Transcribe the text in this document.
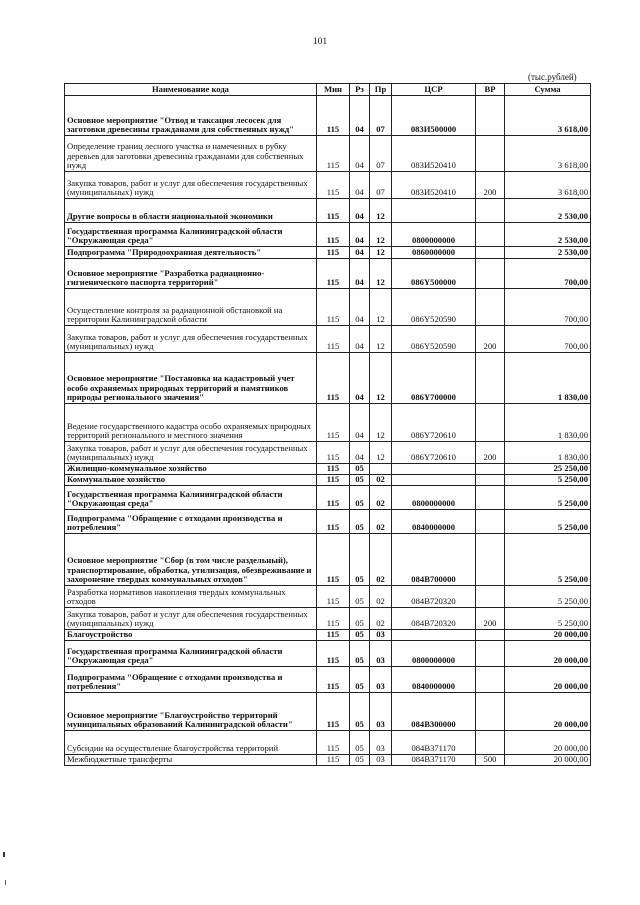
101
(тыс.рублей)
Наименование кода	Мин	Рз	Пр	ЦСР	ВР	Сумма
Основное мероприятие "Отвод и таксация лесосек для заготовки древесины гражданами для собственных нужд"	115	04	07	083И500000		3 618,00
Определение границ лесного участка и намеченных в рубку деревьев для заготовки древесины гражданами для собственных нужд	115	04	07	083И520410		3 618,00
Закупка товаров, работ и услуг для обеспечения государственных (муниципальных) нужд	115	04	07	083И520410	200	3 618,00
Другие вопросы в области национальной экономики	115	04	12			2 530,00
Государственная программа Калининградской области "Окружающая среда"	115	04	12	0800000000		2 530,00
Подпрограмма "Природоохранная деятельность"	115	04	12	0860000000		2 530,00
Основное мероприятие "Разработка радиационно-гигиенического паспорта территорий"	115	04	12	086Y500000		700,00
Осуществление контроля за радиационной обстановкой на территории Калининградской области	115	04	12	086Y520590		700,00
Закупка товаров, работ и услуг для обеспечения государственных (муниципальных) нужд	115	04	12	086Y520590	200	700,00
Основное мероприятие "Постановка на кадастровый учет особо охраняемых природных территорий и памятников природы регионального значения"	115	04	12	086Y700000		1 830,00
Ведение государственного кадастра особо охраняемых природных территорий регионального и местного значения	115	04	12	086Y720610		1 830,00
Закупка товаров, работ и услуг для обеспечения государственных (муниципальных) нужд	115	04	12	086Y720610	200	1 830,00
Жилищно-коммунальное хозяйство	115	05				25 250,00
Коммунальное хозяйство	115	05	02			5 250,00
Государственная программа Калининградской области "Окружающая среда"	115	05	02	0800000000		5 250,00
Подпрограмма "Обращение с отходами производства и потребления"	115	05	02	0840000000		5 250,00
Основное мероприятие "Сбор (в том числе раздельный), транспортирование, обработка, утилизация, обезвреживание и захоронение твердых коммунальных отходов"	115	05	02	084В700000		5 250,00
Разработка нормативов накопления твердых коммунальных отходов	115	05	02	084В720320		5 250,00
Закупка товаров, работ и услуг для обеспечения государственных (муниципальных) нужд	115	05	02	084В720320	200	5 250,00
Благоустройство	115	05	03			20 000,00
Государственная программа Калининградской области "Окружающая среда"	115	05	03	0800000000		20 000,00
Подпрограмма "Обращение с отходами производства и потребления"	115	05	03	0840000000		20 000,00
Основное мероприятие "Благоустройство территорий муниципальных образований Калининградской области"	115	05	03	084В300000		20 000,00
Субсидии на осуществление благоустройства территорий	115	05	03	084В371170		20 000,00
Межбюджетные трансферты	115	05	03	084В371170	500	20 000,00
